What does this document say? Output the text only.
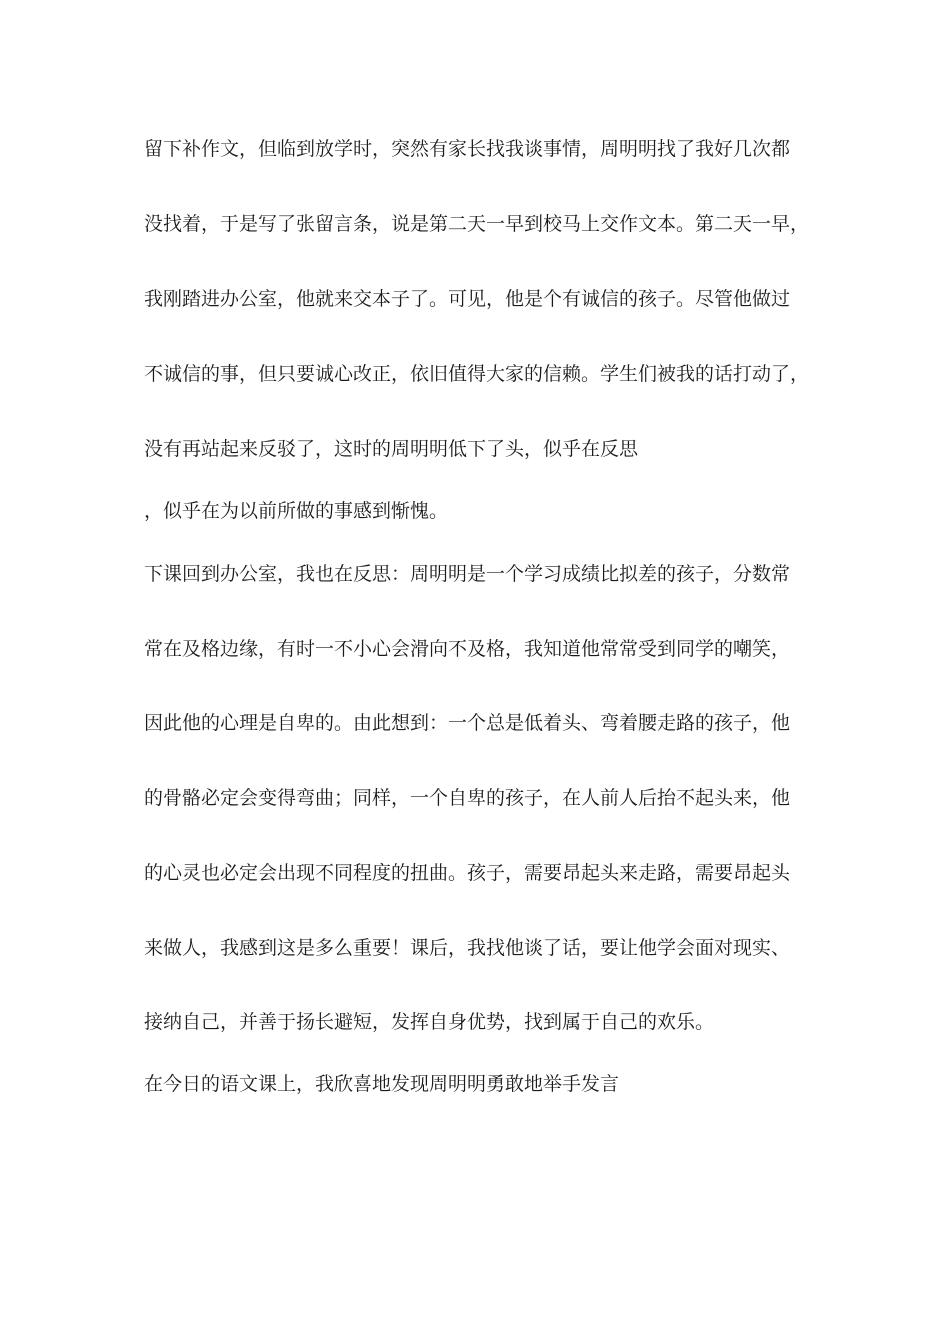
留下补作文，但临到放学时，突然有家长找我谈事情，周明明找了我好几次都
没找着，于是写了张留言条，说是第二天一早到校马上交作文本。第二天一早，
我刚踏进办公室，他就来交本子了。可见，他是个有诚信的孩子。尽管他做过
不诚信的事，但只要诚心改正，依旧值得大家的信赖。学生们被我的话打动了，
没有再站起来反驳了，这时的周明明低下了头，似乎在反思
，似乎在为以前所做的事感到惭愧。
下课回到办公室，我也在反思：周明明是一个学习成绩比拟差的孩子，分数常
常在及格边缘，有时一不小心会滑向不及格，我知道他常常受到同学的嘲笑，
因此他的心理是自卑的。由此想到：一个总是低着头、弯着腰走路的孩子，他
的骨骼必定会变得弯曲；同样，一个自卑的孩子，在人前人后抬不起头来，他
的心灵也必定会出现不同程度的扭曲。孩子，需要昂起头来走路，需要昂起头
来做人，我感到这是多么重要！课后，我找他谈了话，要让他学会面对现实、
接纳自己，并善于扬长避短，发挥自身优势，找到属于自己的欢乐。
在今日的语文课上，我欣喜地发现周明明勇敢地举手发言
